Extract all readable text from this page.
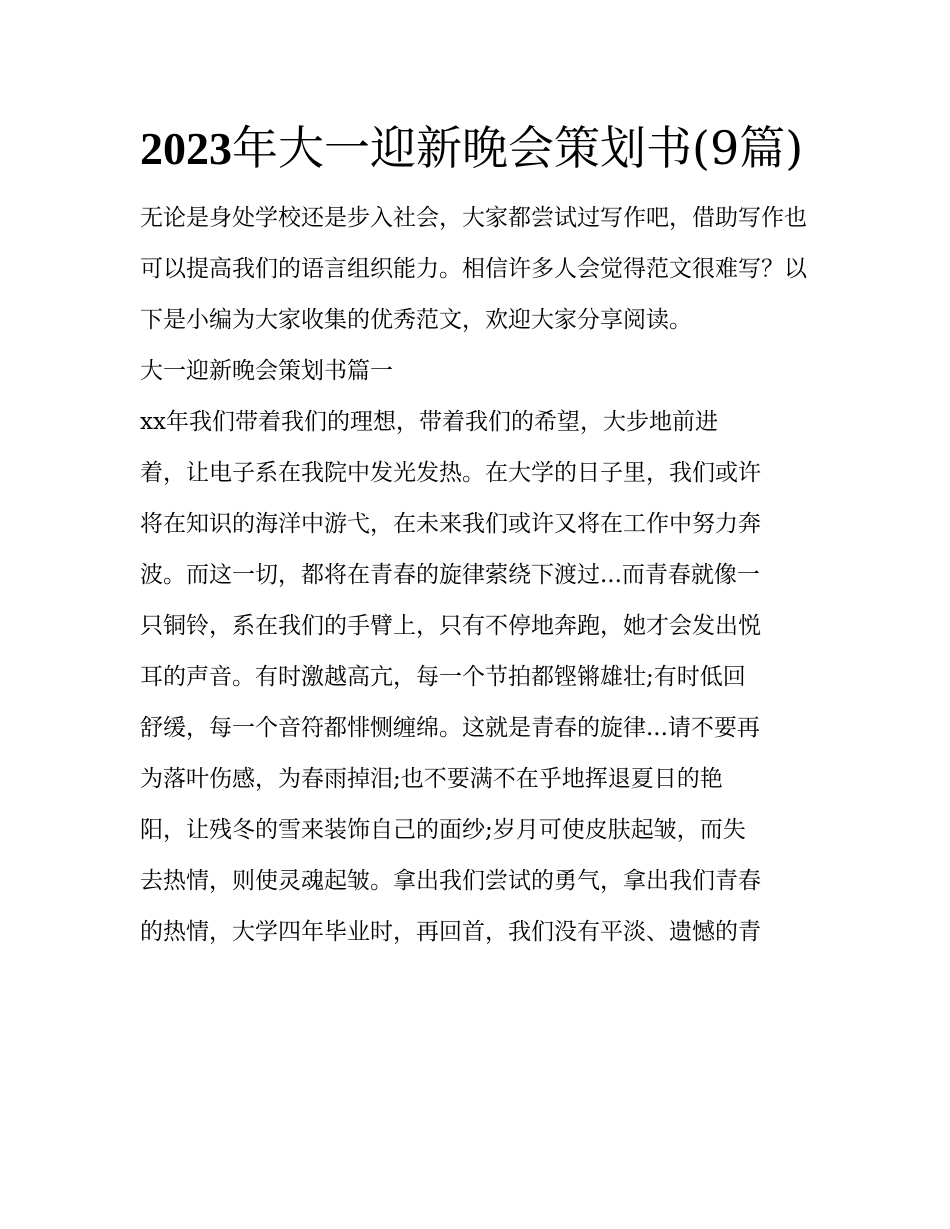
2023年大一迎新晚会策划书(9篇)

无论是身处学校还是步入社会，大家都尝试过写作吧，借助写作也可以提高我们的语言组织能力。相信许多人会觉得范文很难写？以下是小编为大家收集的优秀范文，欢迎大家分享阅读。

大一迎新晚会策划书篇一

xx年我们带着我们的理想，带着我们的希望，大步地前进
着，让电子系在我院中发光发热。在大学的日子里，我们或许
将在知识的海洋中游弋，在未来我们或许又将在工作中努力奔
波。而这一切，都将在青春的旋律萦绕下渡过...而青春就像一
只铜铃，系在我们的手臂上，只有不停地奔跑，她才会发出悦
耳的声音。有时激越高亢，每一个节拍都铿锵雄壮;有时低回
舒缓，每一个音符都悱恻缠绵。这就是青春的旋律...请不要再
为落叶伤感，为春雨掉泪;也不要满不在乎地挥退夏日的艳
阳，让残冬的雪来装饰自己的面纱;岁月可使皮肤起皱，而失
去热情，则使灵魂起皱。拿出我们尝试的勇气，拿出我们青春
的热情，大学四年毕业时，再回首，我们没有平淡、遗憾的青
